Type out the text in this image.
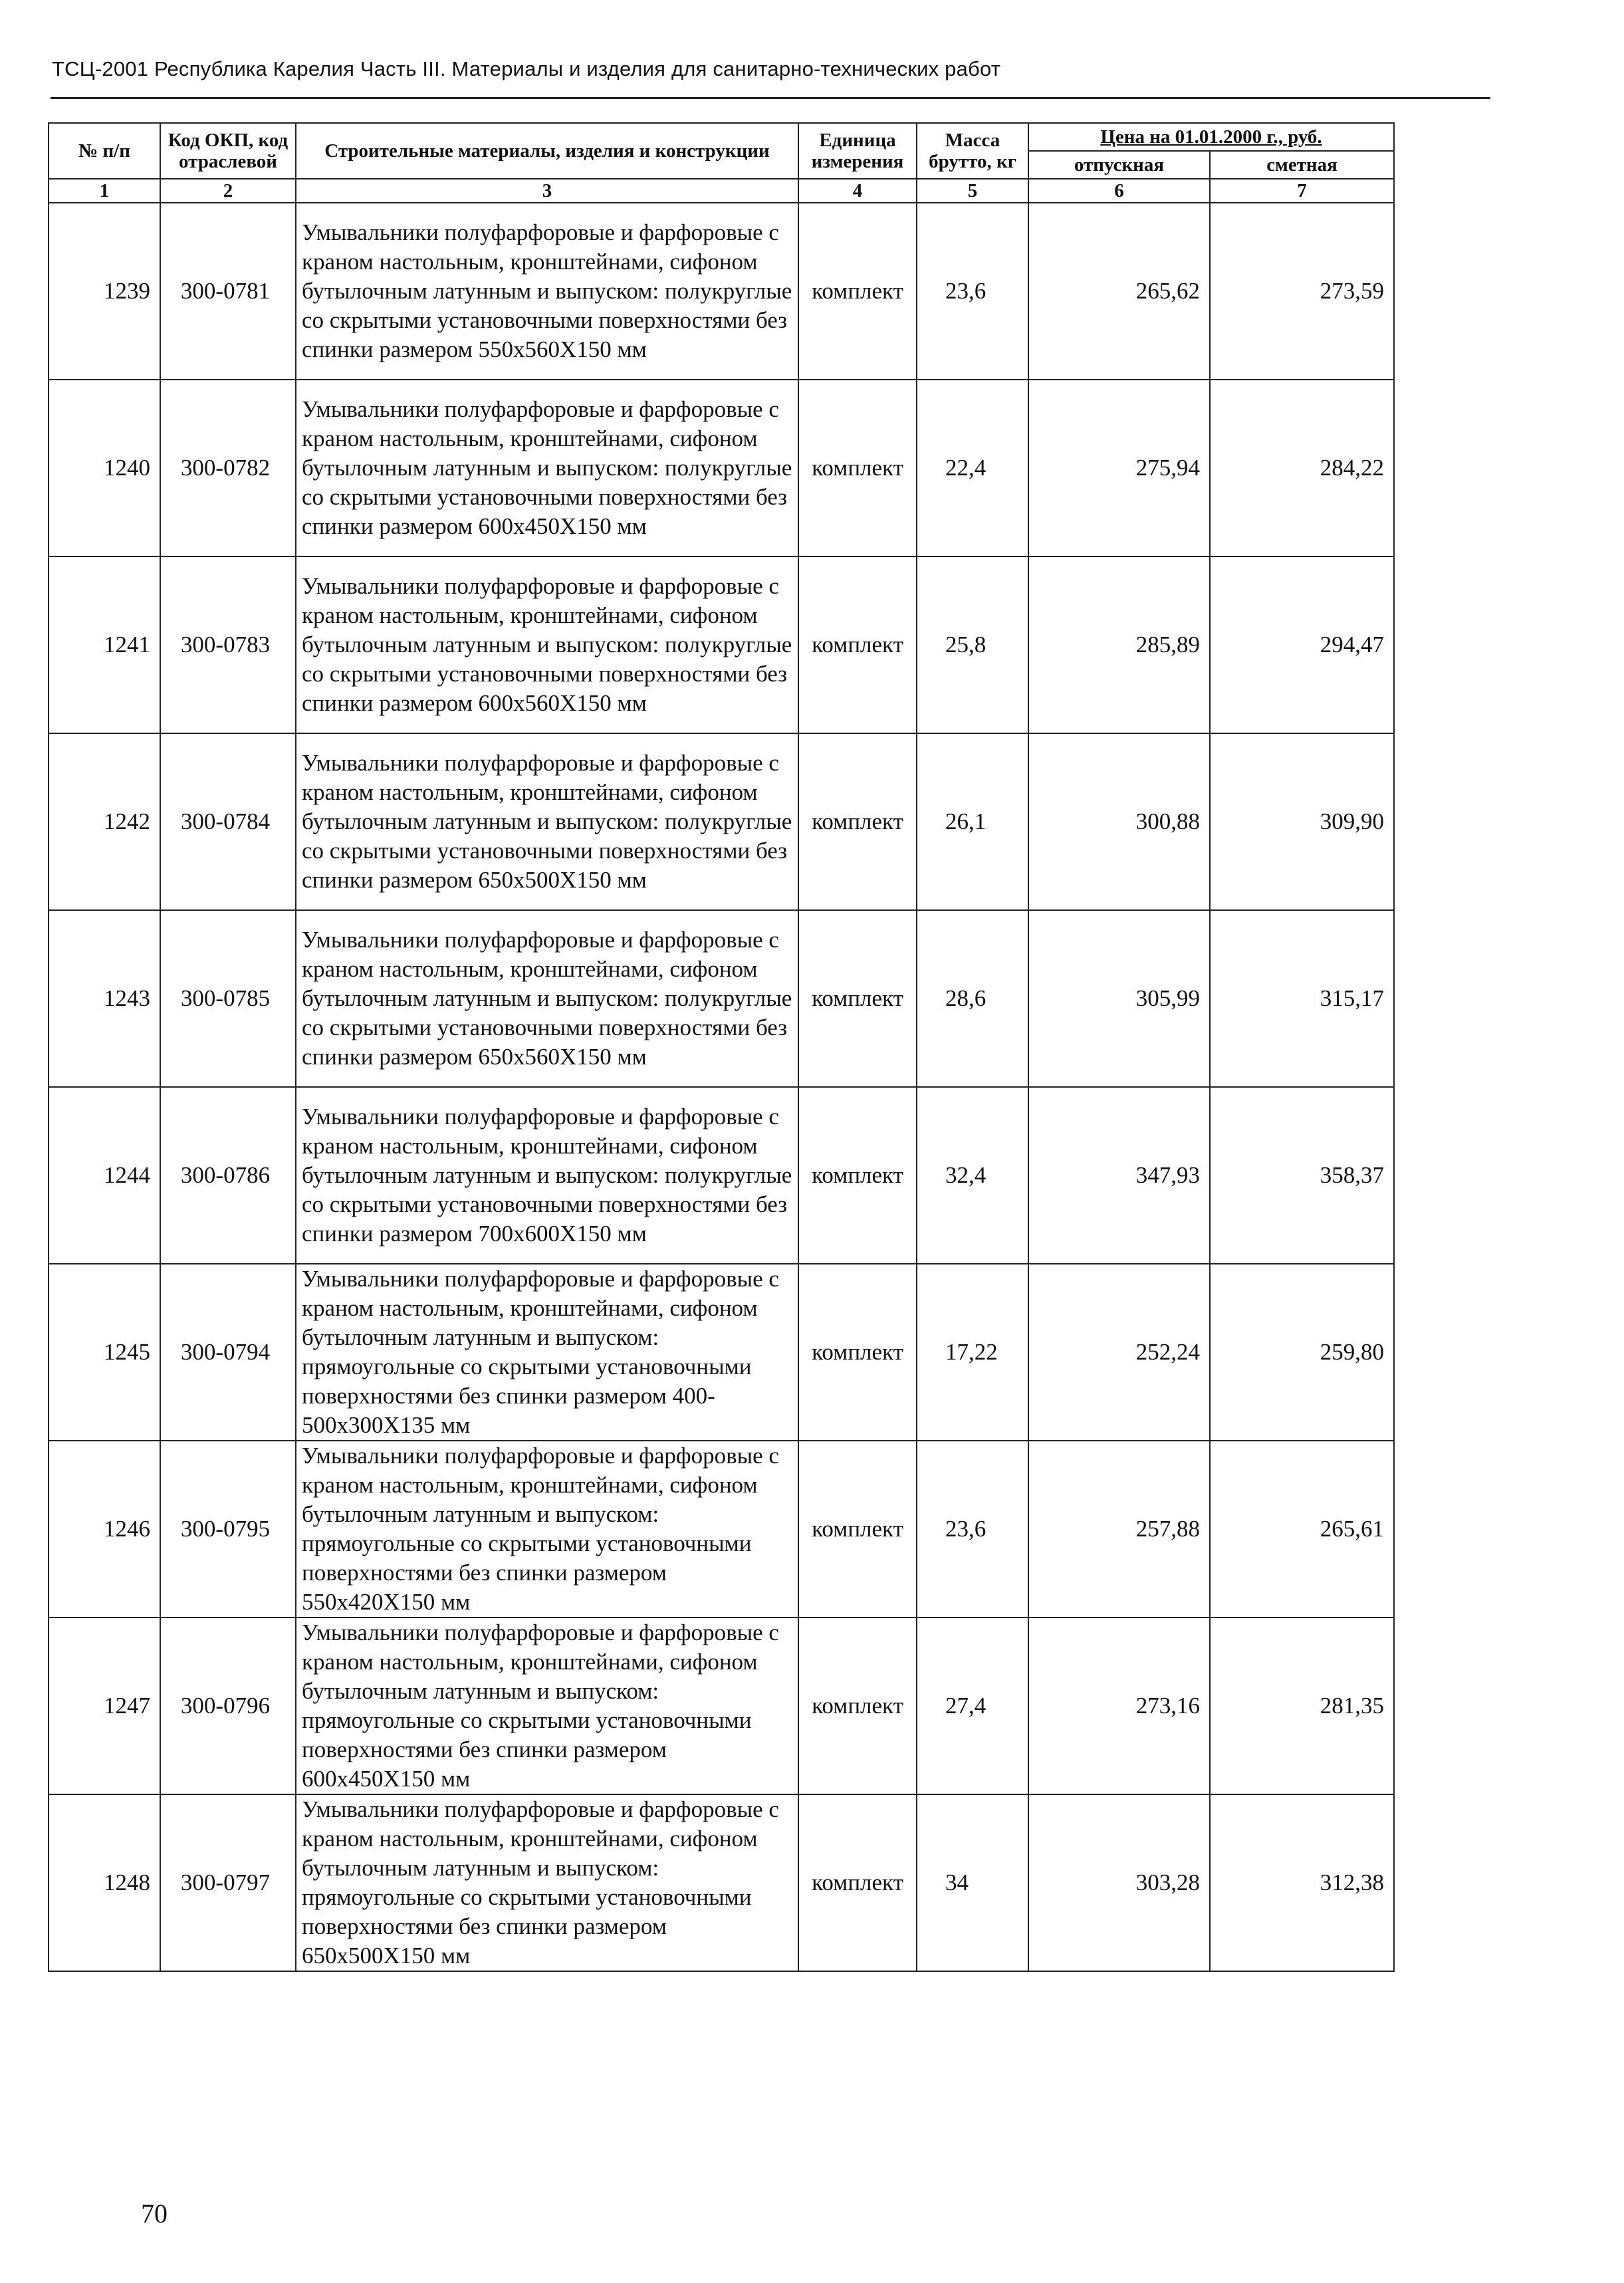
ТСЦ-2001 Республика Карелия Часть III. Материалы и изделия для санитарно-технических работ
№ п/п	Код ОКП, код отраслевой	Строительные материалы, изделия и конструкции	Единица измерения	Масса брутто, кг	Цена на 01.01.2000 г., руб.	
					отпускная	сметная
1	2	3	4	5	6	7
1239	300-0781	Умывальники полуфарфоровые и фарфоровые с краном настольным, кронштейнами, сифоном бутылочным латунным и выпуском: полукруглые со скрытыми установочными поверхностями без спинки размером 550х560Х150 мм	комплект	23,6	265,62	273,59
1240	300-0782	Умывальники полуфарфоровые и фарфоровые с краном настольным, кронштейнами, сифоном бутылочным латунным и выпуском: полукруглые со скрытыми установочными поверхностями без спинки размером 600х450Х150 мм	комплект	22,4	275,94	284,22
1241	300-0783	Умывальники полуфарфоровые и фарфоровые с краном настольным, кронштейнами, сифоном бутылочным латунным и выпуском: полукруглые со скрытыми установочными поверхностями без спинки размером 600х560Х150 мм	комплект	25,8	285,89	294,47
1242	300-0784	Умывальники полуфарфоровые и фарфоровые с краном настольным, кронштейнами, сифоном бутылочным латунным и выпуском: полукруглые со скрытыми установочными поверхностями без спинки размером 650х500Х150 мм	комплект	26,1	300,88	309,90
1243	300-0785	Умывальники полуфарфоровые и фарфоровые с краном настольным, кронштейнами, сифоном бутылочным латунным и выпуском: полукруглые со скрытыми установочными поверхностями без спинки размером 650х560Х150 мм	комплект	28,6	305,99	315,17
1244	300-0786	Умывальники полуфарфоровые и фарфоровые с краном настольным, кронштейнами, сифоном бутылочным латунным и выпуском: полукруглые со скрытыми установочными поверхностями без спинки размером 700х600Х150 мм	комплект	32,4	347,93	358,37
1245	300-0794	Умывальники полуфарфоровые и фарфоровые с краном настольным, кронштейнами, сифоном бутылочным латунным и выпуском: прямоугольные со скрытыми установочными поверхностями без спинки размером 400-500х300Х135 мм	комплект	17,22	252,24	259,80
1246	300-0795	Умывальники полуфарфоровые и фарфоровые с краном настольным, кронштейнами, сифоном бутылочным латунным и выпуском: прямоугольные со скрытыми установочными поверхностями без спинки размером 550х420Х150 мм	комплект	23,6	257,88	265,61
1247	300-0796	Умывальники полуфарфоровые и фарфоровые с краном настольным, кронштейнами, сифоном бутылочным латунным и выпуском: прямоугольные со скрытыми установочными поверхностями без спинки размером 600х450Х150 мм	комплект	27,4	273,16	281,35
1248	300-0797	Умывальники полуфарфоровые и фарфоровые с краном настольным, кронштейнами, сифоном бутылочным латунным и выпуском: прямоугольные со скрытыми установочными поверхностями без спинки размером 650х500Х150 мм	комплект	34	303,28	312,38
70
